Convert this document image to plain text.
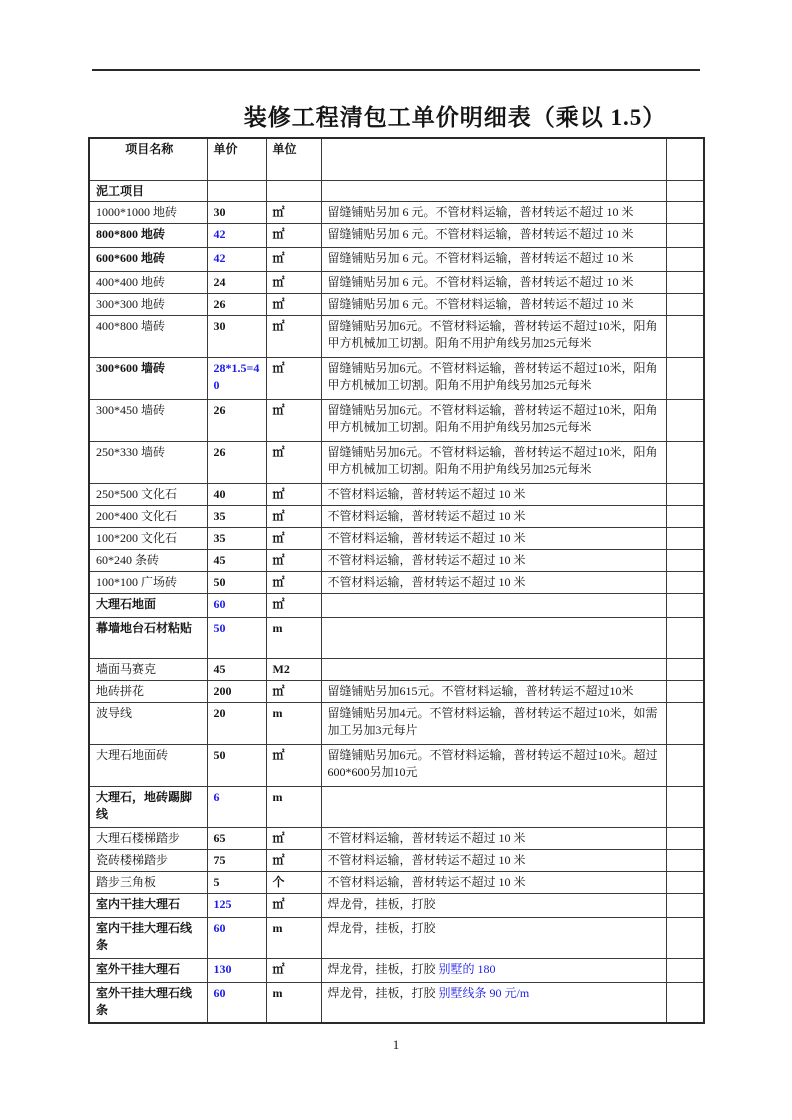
装修工程清包工单价明细表（乘以 1.5）
项目名称	单价	单位		
泥工项目				
1000*1000 地砖	30	㎡	留缝铺贴另加 6 元。不管材料运输，普材转运不超过 10 米	
800*800 地砖	42	㎡	留缝铺贴另加 6 元。不管材料运输，普材转运不超过 10 米	
600*600 地砖	42	㎡	留缝铺贴另加 6 元。不管材料运输，普材转运不超过 10 米	
400*400 地砖	24	㎡	留缝铺贴另加 6 元。不管材料运输，普材转运不超过 10 米	
300*300 地砖	26	㎡	留缝铺贴另加 6 元。不管材料运输，普材转运不超过 10 米	
400*800 墙砖	30	㎡	留缝铺贴另加6元。不管材料运输，普材转运不超过10米，阳角甲方机械加工切割。阳角不用护角线另加25元每米	
300*600 墙砖	28*1.5=40	㎡	留缝铺贴另加6元。不管材料运输，普材转运不超过10米，阳角甲方机械加工切割。阳角不用护角线另加25元每米	
300*450 墙砖	26	㎡	留缝铺贴另加6元。不管材料运输，普材转运不超过10米，阳角甲方机械加工切割。阳角不用护角线另加25元每米	
250*330 墙砖	26	㎡	留缝铺贴另加6元。不管材料运输，普材转运不超过10米，阳角甲方机械加工切割。阳角不用护角线另加25元每米	
250*500 文化石	40	㎡	不管材料运输，普材转运不超过 10 米	
200*400 文化石	35	㎡	不管材料运输，普材转运不超过 10 米	
100*200 文化石	35	㎡	不管材料运输，普材转运不超过 10 米	
60*240 条砖	45	㎡	不管材料运输，普材转运不超过 10 米	
100*100 广场砖	50	㎡	不管材料运输，普材转运不超过 10 米	
大理石地面	60	㎡		
幕墙地台石材粘贴	50	m		
墙面马赛克	45	M2		
地砖拼花	200	㎡	留缝铺贴另加615元。不管材料运输，普材转运不超过10米	
波导线	20	m	留缝铺贴另加4元。不管材料运输，普材转运不超过10米，如需加工另加3元每片	
大理石地面砖	50	㎡	留缝铺贴另加6元。不管材料运输，普材转运不超过10米。超过600*600另加10元	
大理石，地砖踢脚线	6	m		
大理石楼梯踏步	65	㎡	不管材料运输，普材转运不超过 10 米	
瓷砖楼梯踏步	75	㎡	不管材料运输，普材转运不超过 10 米	
踏步三角板	5	个	不管材料运输，普材转运不超过 10 米	
室内干挂大理石	125	㎡	焊龙骨，挂板，打胶	
室内干挂大理石线条	60	m	焊龙骨，挂板，打胶	
室外干挂大理石	130	㎡	焊龙骨，挂板，打胶 别墅的 180	
室外干挂大理石线条	60	m	焊龙骨，挂板，打胶 别墅线条 90 元/m	
1
